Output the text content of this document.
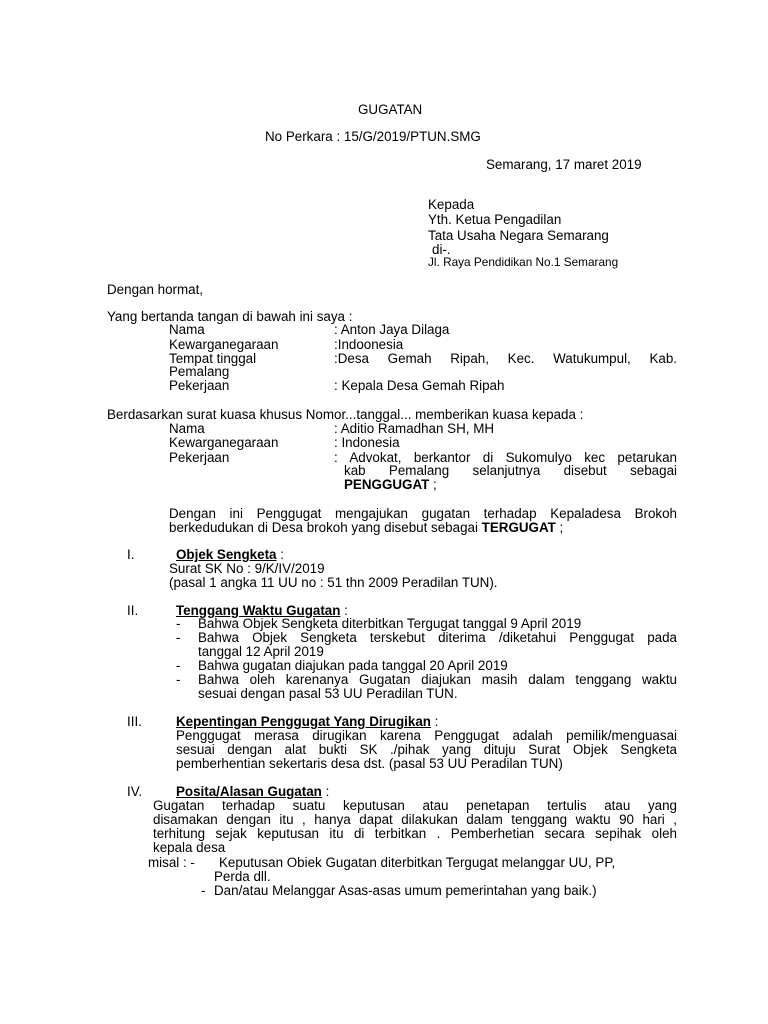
GUGATAN
No Perkara : 15/G/2019/PTUN.SMG
Semarang, 17 maret 2019
Kepada
Yth. Ketua Pengadilan
Tata Usaha Negara Semarang
di-.
Jl. Raya Pendidikan No.1 Semarang
Dengan hormat,
Yang bertanda tangan di bawah ini saya :
Nama	: Anton Jaya Dilaga
Kewarganegaraan	:Indoonesia
Tempat tinggal	:Desa Gemah Ripah, Kec. Watukumpul, Kab.
Pemalang
Pekerjaan	: Kepala Desa Gemah Ripah
Berdasarkan surat kuasa khusus Nomor...tanggal... memberikan kuasa kepada :
Nama	: Aditio Ramadhan SH, MH
Kewarganegaraan	: Indonesia
Pekerjaan	: Advokat, berkantor di Sukomulyo kec petarukan
kab Pemalang selanjutnya disebut sebagai
PENGGUGAT ;
Dengan ini Penggugat mengajukan gugatan terhadap Kepaladesa Brokoh
berkedudukan di Desa brokoh yang disebut sebagai TERGUGAT ;
I.	Objek Sengketa :
Surat SK No : 9/K/IV/2019
(pasal 1 angka 11 UU no : 51 thn 2009 Peradilan TUN).
II.	Tenggang Waktu Gugatan :
- Bahwa Objek Sengketa diterbitkan Tergugat tanggal 9 April 2019
- Bahwa Objek Sengketa terskebut diterima /diketahui Penggugat pada
tanggal 12 April 2019
- Bahwa gugatan diajukan pada tanggal 20 April 2019
- Bahwa oleh karenanya Gugatan diajukan masih dalam tenggang waktu
sesuai dengan pasal 53 UU Peradilan TUN.
III.	Kepentingan Penggugat Yang Dirugikan :
Penggugat merasa dirugikan karena Penggugat adalah pemilik/menguasai
sesuai dengan alat bukti SK ./pihak yang dituju Surat Objek Sengketa
pemberhentian sekertaris desa dst. (pasal 53 UU Peradilan TUN)
IV.	Posita/Alasan Gugatan :
Gugatan terhadap suatu keputusan atau penetapan tertulis atau yang
disamakan dengan itu , hanya dapat dilakukan dalam tenggang waktu 90 hari ,
terhitung sejak keputusan itu di terbitkan . Pemberhetian secara sepihak oleh
kepala desa
misal : - Keputusan Obiek Gugatan diterbitkan Tergugat melanggar UU, PP,
Perda dll.
- Dan/atau Melanggar Asas-asas umum pemerintahan yang baik.)
